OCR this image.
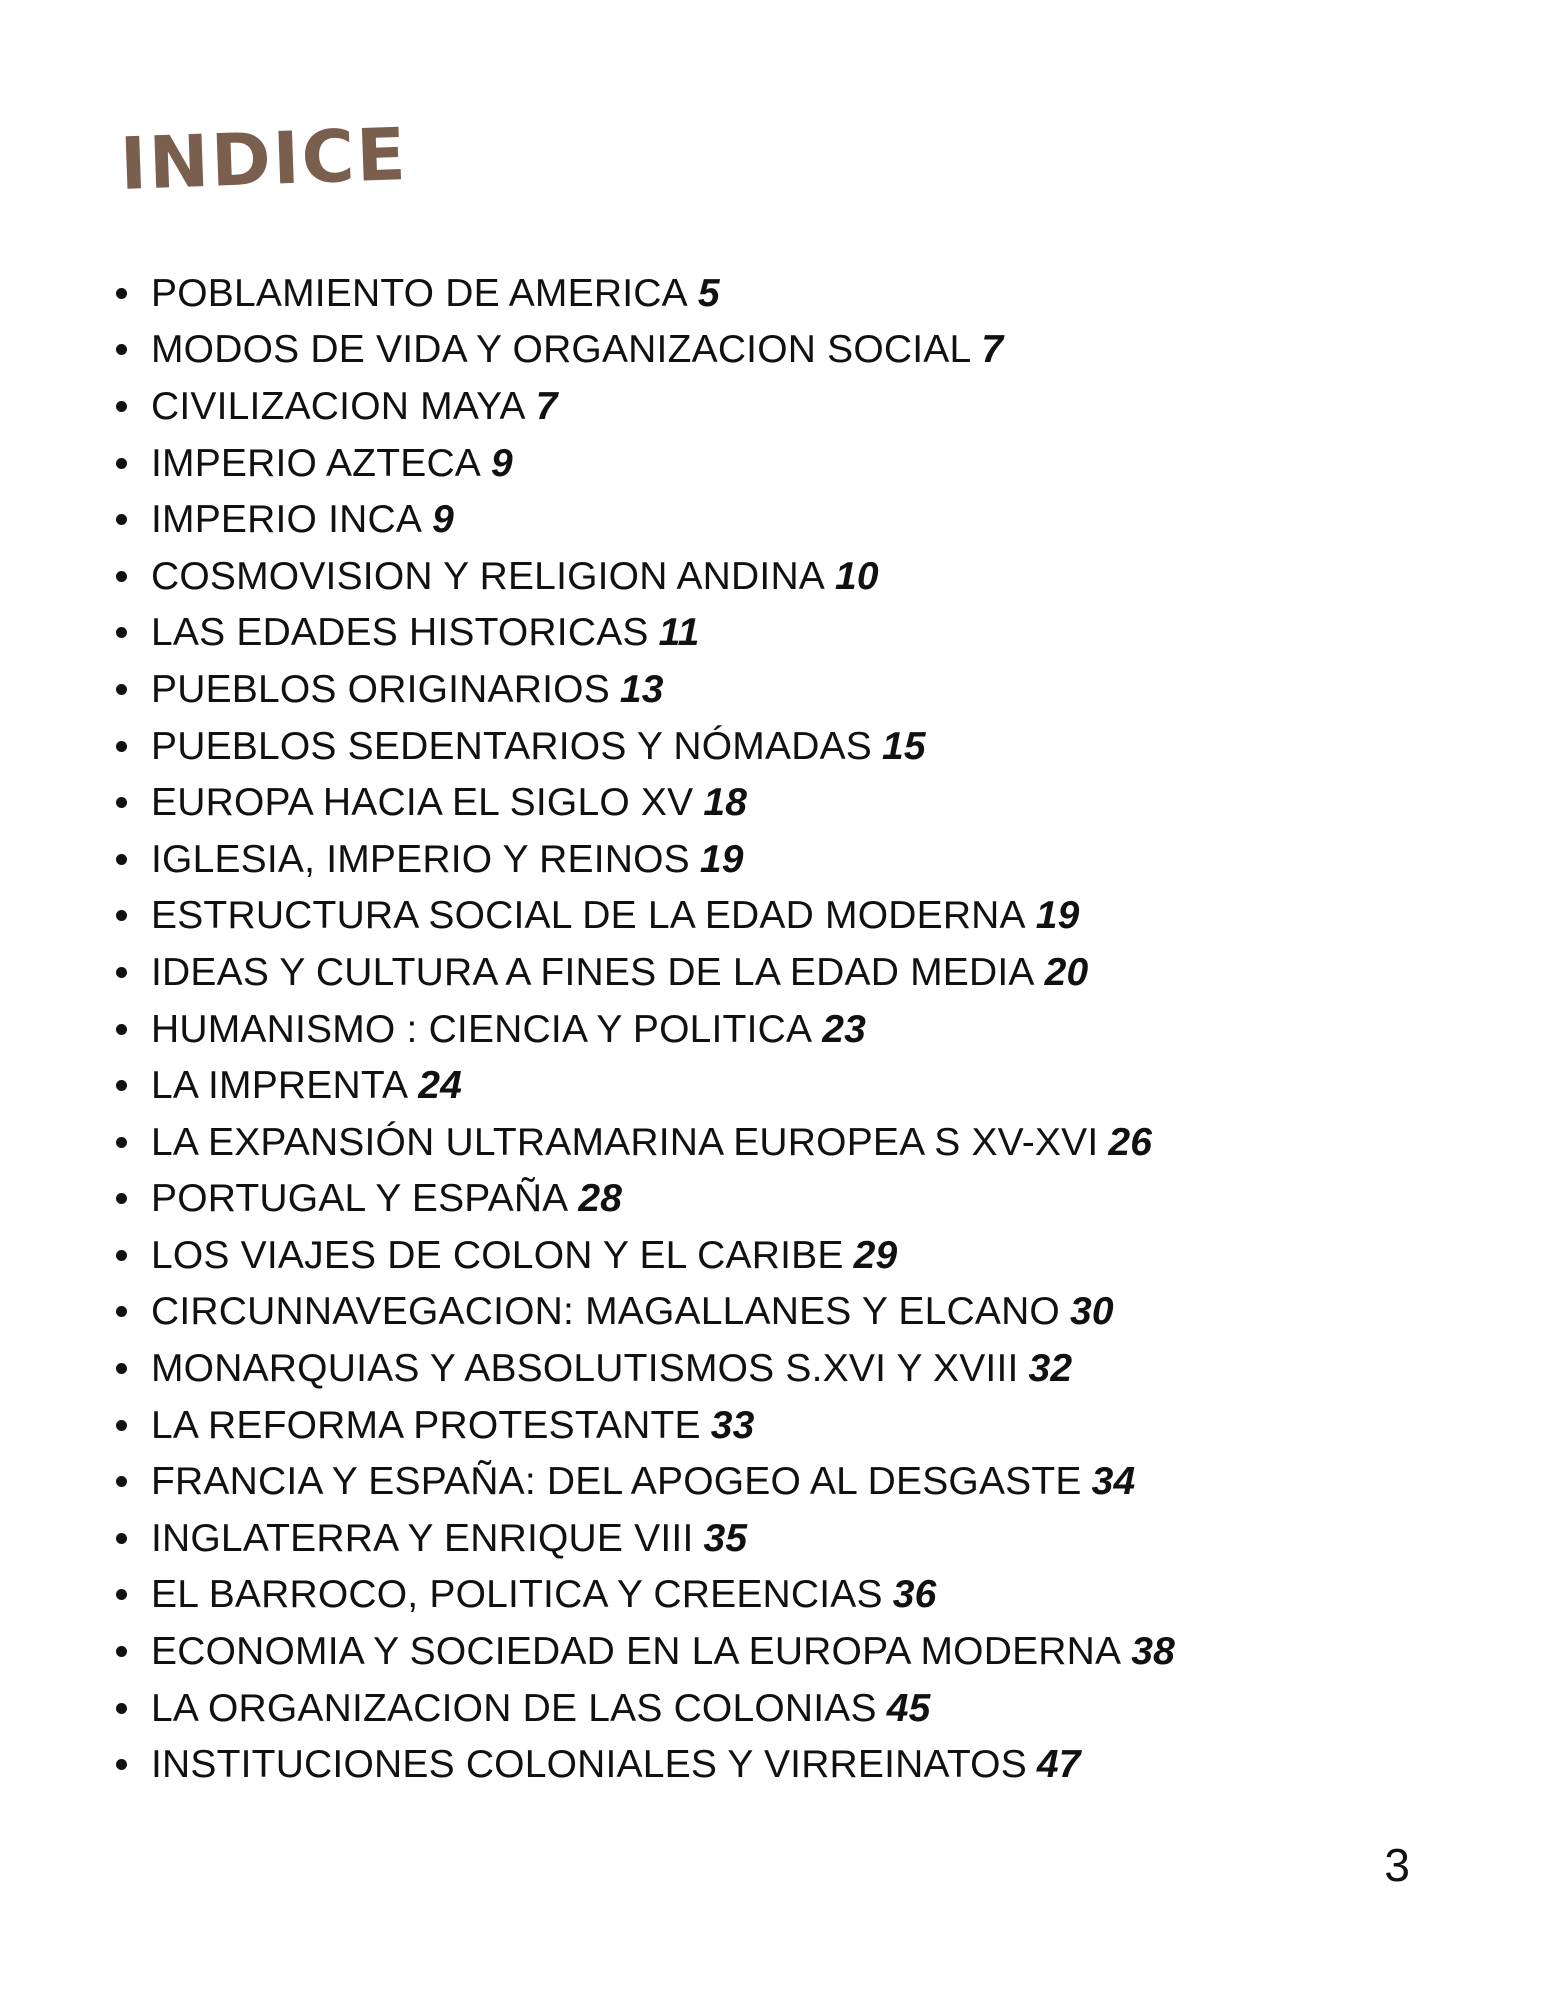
INDICE
POBLAMIENTO DE AMERICA 5
MODOS DE VIDA Y ORGANIZACION SOCIAL 7
CIVILIZACION MAYA 7
IMPERIO AZTECA 9
IMPERIO INCA 9
COSMOVISION Y RELIGION ANDINA 10
LAS EDADES HISTORICAS 11
PUEBLOS ORIGINARIOS 13
PUEBLOS SEDENTARIOS Y NÓMADAS 15
EUROPA HACIA EL SIGLO XV 18
IGLESIA, IMPERIO Y REINOS 19
ESTRUCTURA SOCIAL DE LA EDAD MODERNA 19
IDEAS Y CULTURA A FINES DE LA EDAD MEDIA 20
HUMANISMO : CIENCIA Y POLITICA 23
LA IMPRENTA 24
LA EXPANSIÓN ULTRAMARINA EUROPEA S XV-XVI 26
PORTUGAL Y ESPAÑA 28
LOS VIAJES DE COLON Y EL CARIBE 29
CIRCUNNAVEGACION: MAGALLANES Y ELCANO 30
MONARQUIAS Y ABSOLUTISMOS S.XVI Y XVIII 32
LA REFORMA PROTESTANTE 33
FRANCIA Y ESPAÑA: DEL APOGEO AL DESGASTE 34
INGLATERRA Y ENRIQUE VIII 35
EL BARROCO, POLITICA Y CREENCIAS 36
ECONOMIA Y SOCIEDAD EN LA EUROPA MODERNA 38
LA ORGANIZACION DE LAS COLONIAS 45
INSTITUCIONES COLONIALES Y VIRREINATOS 47
3
